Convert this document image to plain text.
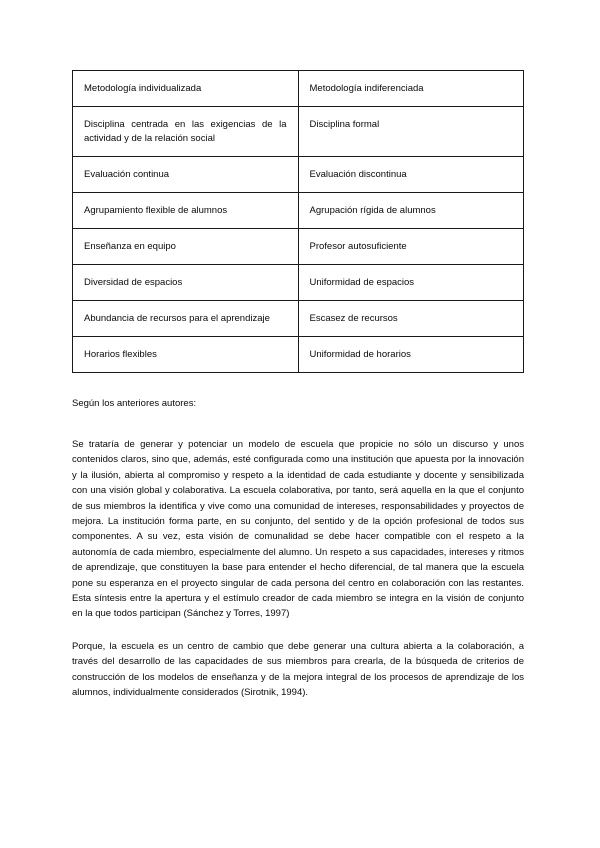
Metodología individualizada	Metodología indiferenciada
Disciplina centrada en las exigencias de la actividad y de la relación social	Disciplina formal
Evaluación continua	Evaluación discontinua
Agrupamiento flexible de alumnos	Agrupación rígida de alumnos
Enseñanza en equipo	Profesor autosuficiente
Diversidad de espacios	Uniformidad de espacios
Abundancia de recursos para el aprendizaje	Escasez de recursos
Horarios flexibles	Uniformidad de horarios

Según los anteriores autores:

Se trataría de generar y potenciar un modelo de escuela que propicie no sólo un discurso y unos contenidos claros, sino que, además, esté configurada como una institución que apuesta por la innovación y la ilusión, abierta al compromiso y respeto a la identidad de cada estudiante y docente y sensibilizada con una visión global y colaborativa. La escuela colaborativa, por tanto, será aquella en la que el conjunto de sus miembros la identifica y vive como una comunidad de intereses, responsabilidades y proyectos de mejora. La institución forma parte, en su conjunto, del sentido y de la opción profesional de todos sus componentes. A su vez, esta visión de comunalidad se debe hacer compatible con el respeto a la autonomía de cada miembro, especialmente del alumno. Un respeto a sus capacidades, intereses y ritmos de aprendizaje, que constituyen la base para entender el hecho diferencial, de tal manera que la escuela pone su esperanza en el proyecto singular de cada persona del centro en colaboración con las restantes. Esta síntesis entre la apertura y el estímulo creador de cada miembro se integra en la visión de conjunto en la que todos participan (Sánchez y Torres, 1997)

Porque, la escuela es un centro de cambio que debe generar una cultura abierta a la colaboración, a través del desarrollo de las capacidades de sus miembros para crearla, de la búsqueda de criterios de construcción de los modelos de enseñanza y de la mejora integral de los procesos de aprendizaje de los alumnos, individualmente considerados (Sirotnik, 1994).
